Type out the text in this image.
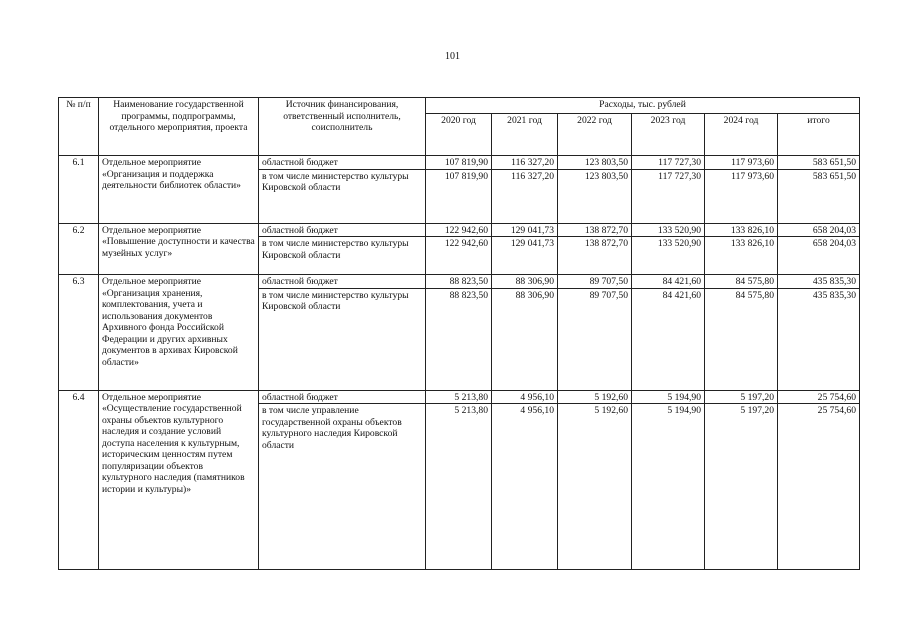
101
№ п/п	Наименование государственной программы, подпрограммы, отдельного мероприятия, проекта	Источник финансирования, ответственный исполнитель, соисполнитель	Расходы, тыс. рублей					
			2020 год	2021 год	2022 год	2023 год	2024 год	итого
6.1	Отдельное мероприятие «Организация и поддержка деятельности библиотек области»	областной бюджет	107 819,90	116 327,20	123 803,50	117 727,30	117 973,60	583 651,50
		в том числе министерство культуры Кировской области	107 819,90	116 327,20	123 803,50	117 727,30	117 973,60	583 651,50
6.2	Отдельное мероприятие «Повышение доступности и качества музейных услуг»	областной бюджет	122 942,60	129 041,73	138 872,70	133 520,90	133 826,10	658 204,03
		в том числе министерство культуры Кировской области	122 942,60	129 041,73	138 872,70	133 520,90	133 826,10	658 204,03
6.3	Отдельное мероприятие «Организация хранения, комплектования, учета и использования документов Архивного фонда Российской Федерации и других архивных документов в архивах Кировской области»	областной бюджет	88 823,50	88 306,90	89 707,50	84 421,60	84 575,80	435 835,30
		в том числе министерство культуры Кировской области	88 823,50	88 306,90	89 707,50	84 421,60	84 575,80	435 835,30
6.4	Отдельное мероприятие «Осуществление государственной охраны объектов культурного наследия и создание условий доступа населения к культурным, историческим ценностям путем популяризации объектов культурного наследия (памятников истории и культуры)»	областной бюджет	5 213,80	4 956,10	5 192,60	5 194,90	5 197,20	25 754,60
		в том числе управление государственной охраны объектов культурного наследия Кировской области	5 213,80	4 956,10	5 192,60	5 194,90	5 197,20	25 754,60
